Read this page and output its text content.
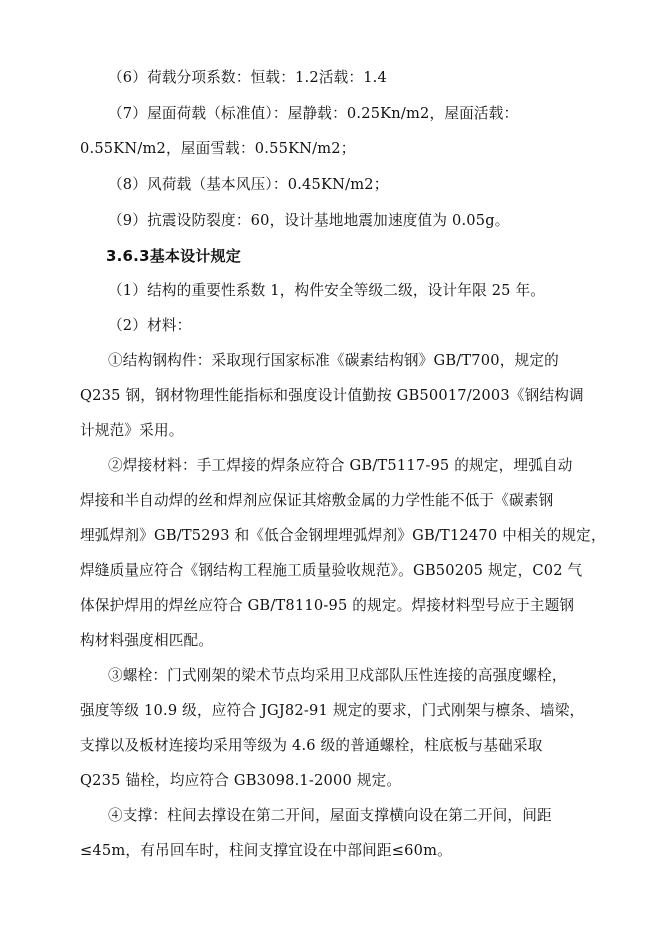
（6）荷载分项系数：恒载：1.2活载：1.4
（7）屋面荷载（标准值）：屋静载：0.25Kn/m2，屋面活载：
0.55KN/m2，屋面雪载：0.55KN/m2；
（8）风荷载（基本风压）：0.45KN/m2；
（9）抗震设防裂度：60，设计基地地震加速度值为 0.05g。
3.6.3基本设计规定
（1）结构的重要性系数 1，构件安全等级二级，设计年限 25 年。
（2）材料：
①结构钢构件：采取现行国家标准《碳素结构钢》GB/T700，规定的
Q235 钢，钢材物理性能指标和强度设计值勤按 GB50017/2003《钢结构调
计规范》采用。
②焊接材料：手工焊接的焊条应符合 GB/T5117-95 的规定，埋弧自动
焊接和半自动焊的丝和焊剂应保证其熔敷金属的力学性能不低于《碳素钢
埋弧焊剂》GB/T5293 和《低合金钢埋埋弧焊剂》GB/T12470 中相关的规定，
焊缝质量应符合《钢结构工程施工质量验收规范》。GB50205 规定，C02 气
体保护焊用的焊丝应符合 GB/T8110-95 的规定。焊接材料型号应于主题钢
构材料强度相匹配。
③螺栓：门式刚架的梁术节点均采用卫戍部队压性连接的高强度螺栓，
强度等级 10.9 级，应符合 JGJ82-91 规定的要求，门式刚架与檩条、墙梁，
支撑以及板材连接均采用等级为 4.6 级的普通螺栓，柱底板与基础采取
Q235 锚栓，均应符合 GB3098.1-2000 规定。
④支撑：柱间去撑设在第二开间，屋面支撑横向设在第二开间，间距
≤45m，有吊回车时，柱间支撑宜设在中部间距≤60m。
